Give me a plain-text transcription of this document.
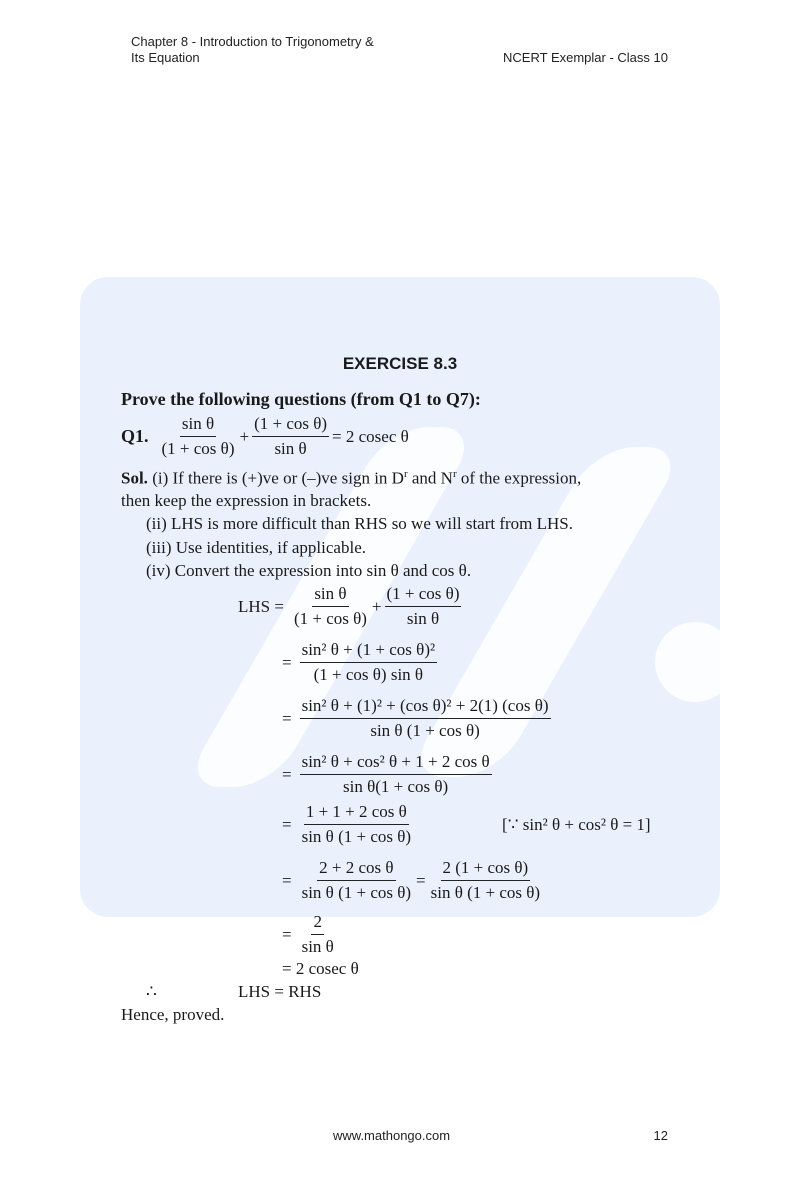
Chapter 8 - Introduction to Trigonometry &
Its Equation	NCERT Exemplar - Class 10
EXERCISE 8.3
Prove the following questions (from Q1 to Q7):
Q1. $\frac{\text{sin θ}}{\text{(1 + cos θ)}} + \frac{\text{(1 + cos θ)}}{\text{sin θ}} = 2$ cosec θ
Sol. (i) If there is (+)ve or (–)ve sign in $D^r$ and $N^r$ of the expression,
then keep the expression in brackets.
(ii) LHS is more difficult than RHS so we will start from LHS.
(iii) Use identities, if applicable.
(iv) Convert the expression into sin θ and cos θ.
LHS = $\frac{\text{sin θ}}{\text{(1 + cos θ)}} + \frac{\text{(1 + cos θ)}}{\text{sin θ}}$
= $\frac{\text{sin² θ + (1 + cos θ)²}}{\text{(1 + cos θ) sin θ}}$
= $\frac{\text{sin² θ + (1)² + (cos θ)² + 2(1) (cos θ)}}{\text{sin θ (1 + cos θ)}}$
= $\frac{\text{sin² θ + cos² θ + 1 + 2 cos θ}}{\text{sin θ(1 + cos θ)}}$
= $\frac{\text{1 + 1 + 2 cos θ}}{\text{sin θ (1 + cos θ)}}$	[∵ sin² θ + cos² θ = 1]
= $\frac{\text{2 + 2 cos θ}}{\text{sin θ (1 + cos θ)}} = \frac{\text{2 (1 + cos θ)}}{\text{sin θ (1 + cos θ)}}$
= $\frac{2}{\text{sin θ}}$
= 2 cosec θ
∴	LHS = RHS
Hence, proved.
www.mathongo.com	12
